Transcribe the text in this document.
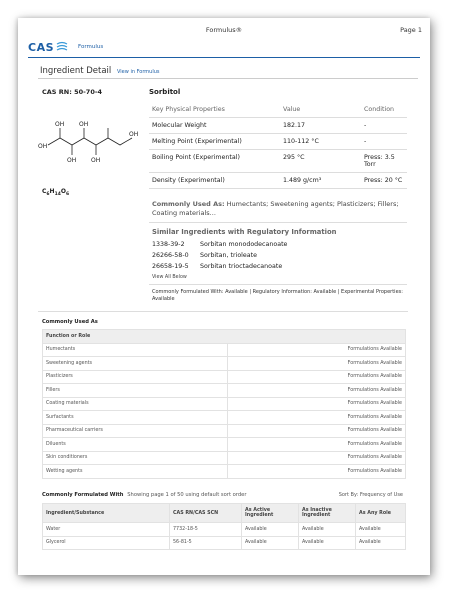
Formulus®	Page 1
CAS	Formulus
Ingredient Detail View in Formulus
CAS RN: 50-70-4
OH
OH
OH
OH
OH
OH
$C_6H_{14}O_6$
Sorbitol
Key Physical Properties	Value	Condition
Molecular Weight	182.17	-
Melting Point (Experimental)	110-112 °C	-
Boiling Point (Experimental)	295 °C	Press: 3.5 Torr
Density (Experimental)	1.489 g/cm³	Press: 20 °C
Commonly Used As: Humectants; Sweetening agents; Plasticizers; Fillers; Coating materials...
Similar Ingredients with Regulatory Information
1338-39-2 Sorbitan monododecanoate
26266-58-0 Sorbitan, trioleate
26658-19-5 Sorbitan trioctadecanoate
View All Below
Commonly Formulated With: Available | Regulatory Information: Available | Experimental Properties: Available
Commonly Used As
Function or Role	
Humectants	Formulations Available
Sweetening agents	Formulations Available
Plasticizers	Formulations Available
Fillers	Formulations Available
Coating materials	Formulations Available
Surfactants	Formulations Available
Pharmaceutical carriers	Formulations Available
Diluents	Formulations Available
Skin conditioners	Formulations Available
Wetting agents	Formulations Available
Commonly Formulated With Showing page 1 of 50 using default sort order	Sort By: Frequency of Use
Ingredient/Substance	CAS RN/CAS SCN	As Active Ingredient	As Inactive Ingredient	As Any Role
Water	7732-18-5	Available	Available	Available
Glycerol	56-81-5	Available	Available	Available
